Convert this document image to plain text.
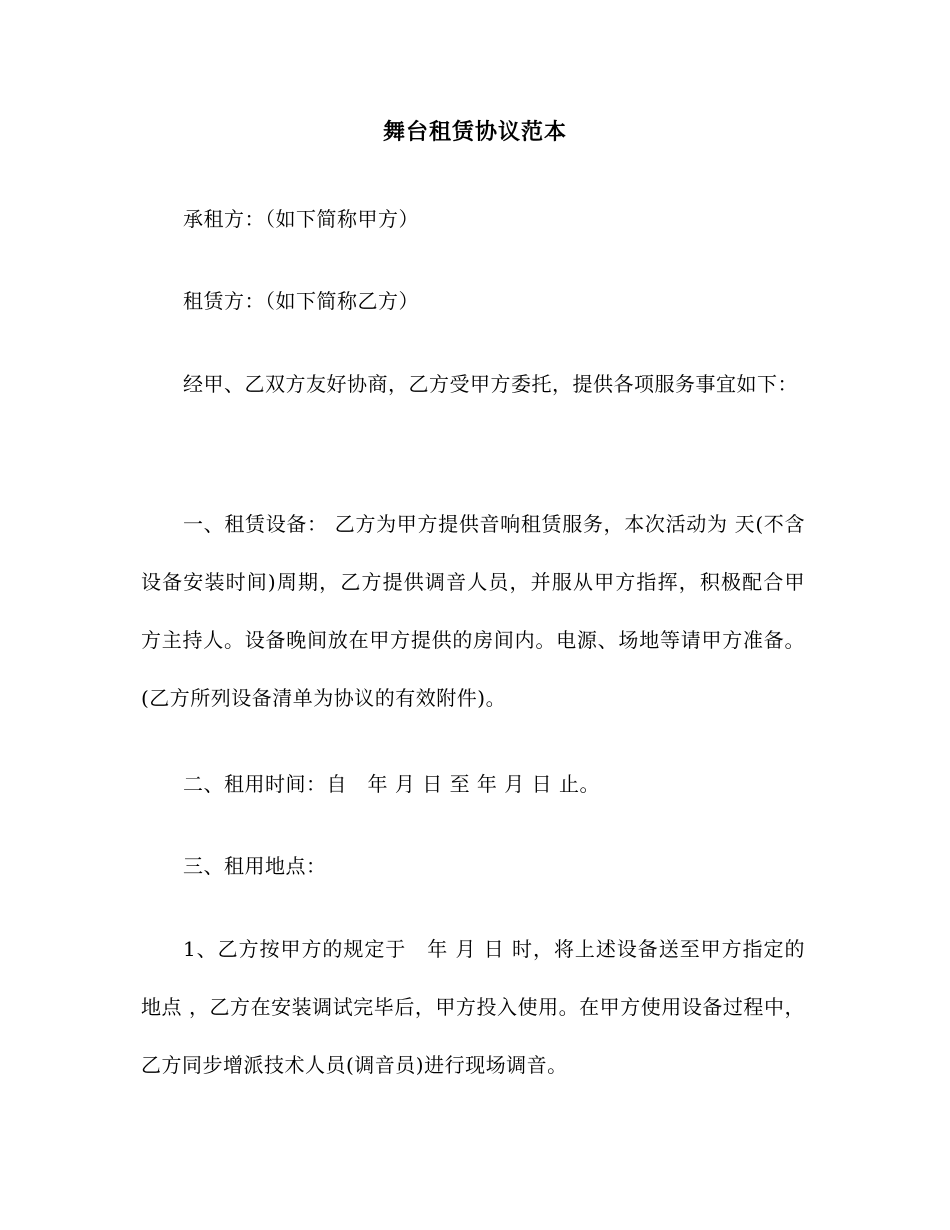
舞台租赁协议范本

承租方：（如下简称甲方）

租赁方：（如下简称乙方）

经甲、乙双方友好协商，乙方受甲方委托，提供各项服务事宜如下：

一、租赁设备： 乙方为甲方提供音响租赁服务，本次活动为 天(不含设备安装时间)周期，乙方提供调音人员，并服从甲方指挥，积极配合甲方主持人。设备晚间放在甲方提供的房间内。电源、场地等请甲方准备。(乙方所列设备清单为协议的有效附件)。

二、租用时间：自　年 月 日 至 年 月 日 止。

三、租用地点：

1、乙方按甲方的规定于　年 月 日 时，将上述设备送至甲方指定的地点 ，乙方在安装调试完毕后，甲方投入使用。在甲方使用设备过程中，乙方同步增派技术人员(调音员)进行现场调音。
